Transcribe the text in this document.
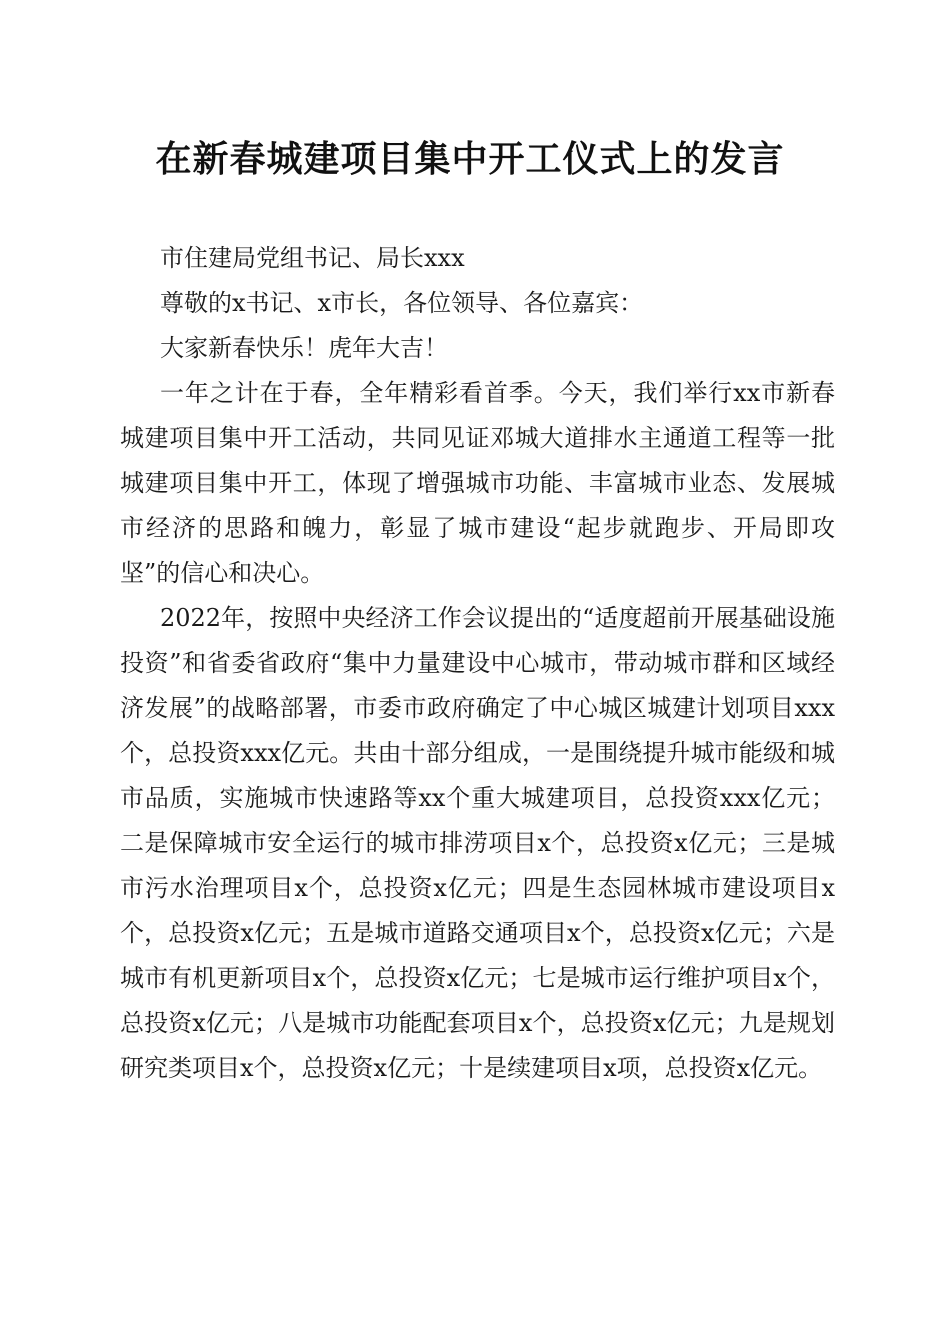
在新春城建项目集中开工仪式上的发言

市住建局党组书记、局长xxx

尊敬的x书记、x市长，各位领导、各位嘉宾：

大家新春快乐！虎年大吉！

一年之计在于春，全年精彩看首季。今天，我们举行xx市新春城建项目集中开工活动，共同见证邓城大道排水主通道工程等一批城建项目集中开工，体现了增强城市功能、丰富城市业态、发展城市经济的思路和魄力，彰显了城市建设“起步就跑步、开局即攻坚”的信心和决心。

2022年，按照中央经济工作会议提出的“适度超前开展基础设施投资”和省委省政府“集中力量建设中心城市，带动城市群和区域经济发展”的战略部署，市委市政府确定了中心城区城建计划项目xxx个，总投资xxx亿元。共由十部分组成，一是围绕提升城市能级和城市品质，实施城市快速路等xx个重大城建项目，总投资xxx亿元；二是保障城市安全运行的城市排涝项目x个，总投资x亿元；三是城市污水治理项目x个，总投资x亿元；四是生态园林城市建设项目x个，总投资x亿元；五是城市道路交通项目x个，总投资x亿元；六是城市有机更新项目x个，总投资x亿元；七是城市运行维护项目x个，总投资x亿元；八是城市功能配套项目x个，总投资x亿元；九是规划研究类项目x个，总投资x亿元；十是续建项目x项，总投资x亿元。
